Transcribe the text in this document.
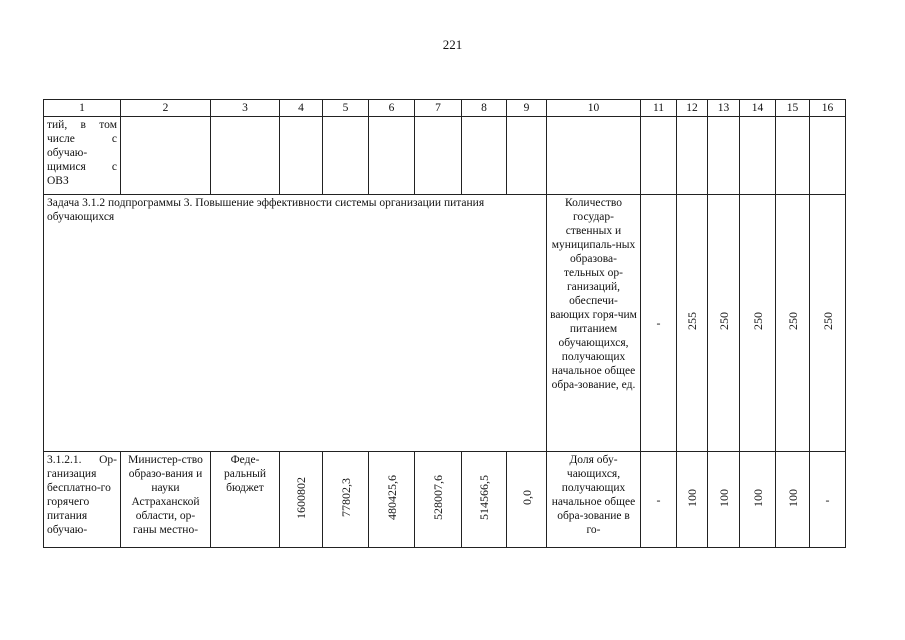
221
1	2	3	4	5	6	7	8	9	10	11	12	13	14	15	16
тий, в том числе с обучаю-щимися с ОВЗ															
Задача 3.1.2 подпрограммы 3. Повышение эффективности системы организации питания обучающихся									Количество государ-ственных и муниципаль-ных образова-тельных ор-ганизаций, обеспечи-вающих горя-чим питанием обучающихся, получающих начальное общее обра-зование, ед.	-	255	250	250	250	250
3.1.2.1. Ор-ганизация бесплатно-го горячего питания обучаю-	Министер-ство образо-вания и науки Астраханской области, ор-ганы местно-	Феде-ральный бюджет	1600802	77802,3	480425,6	528007,6	514566,5	0,0	Доля обу-чающихся, получающих начальное общее обра-зование в го-	-	100	100	100	100	-
